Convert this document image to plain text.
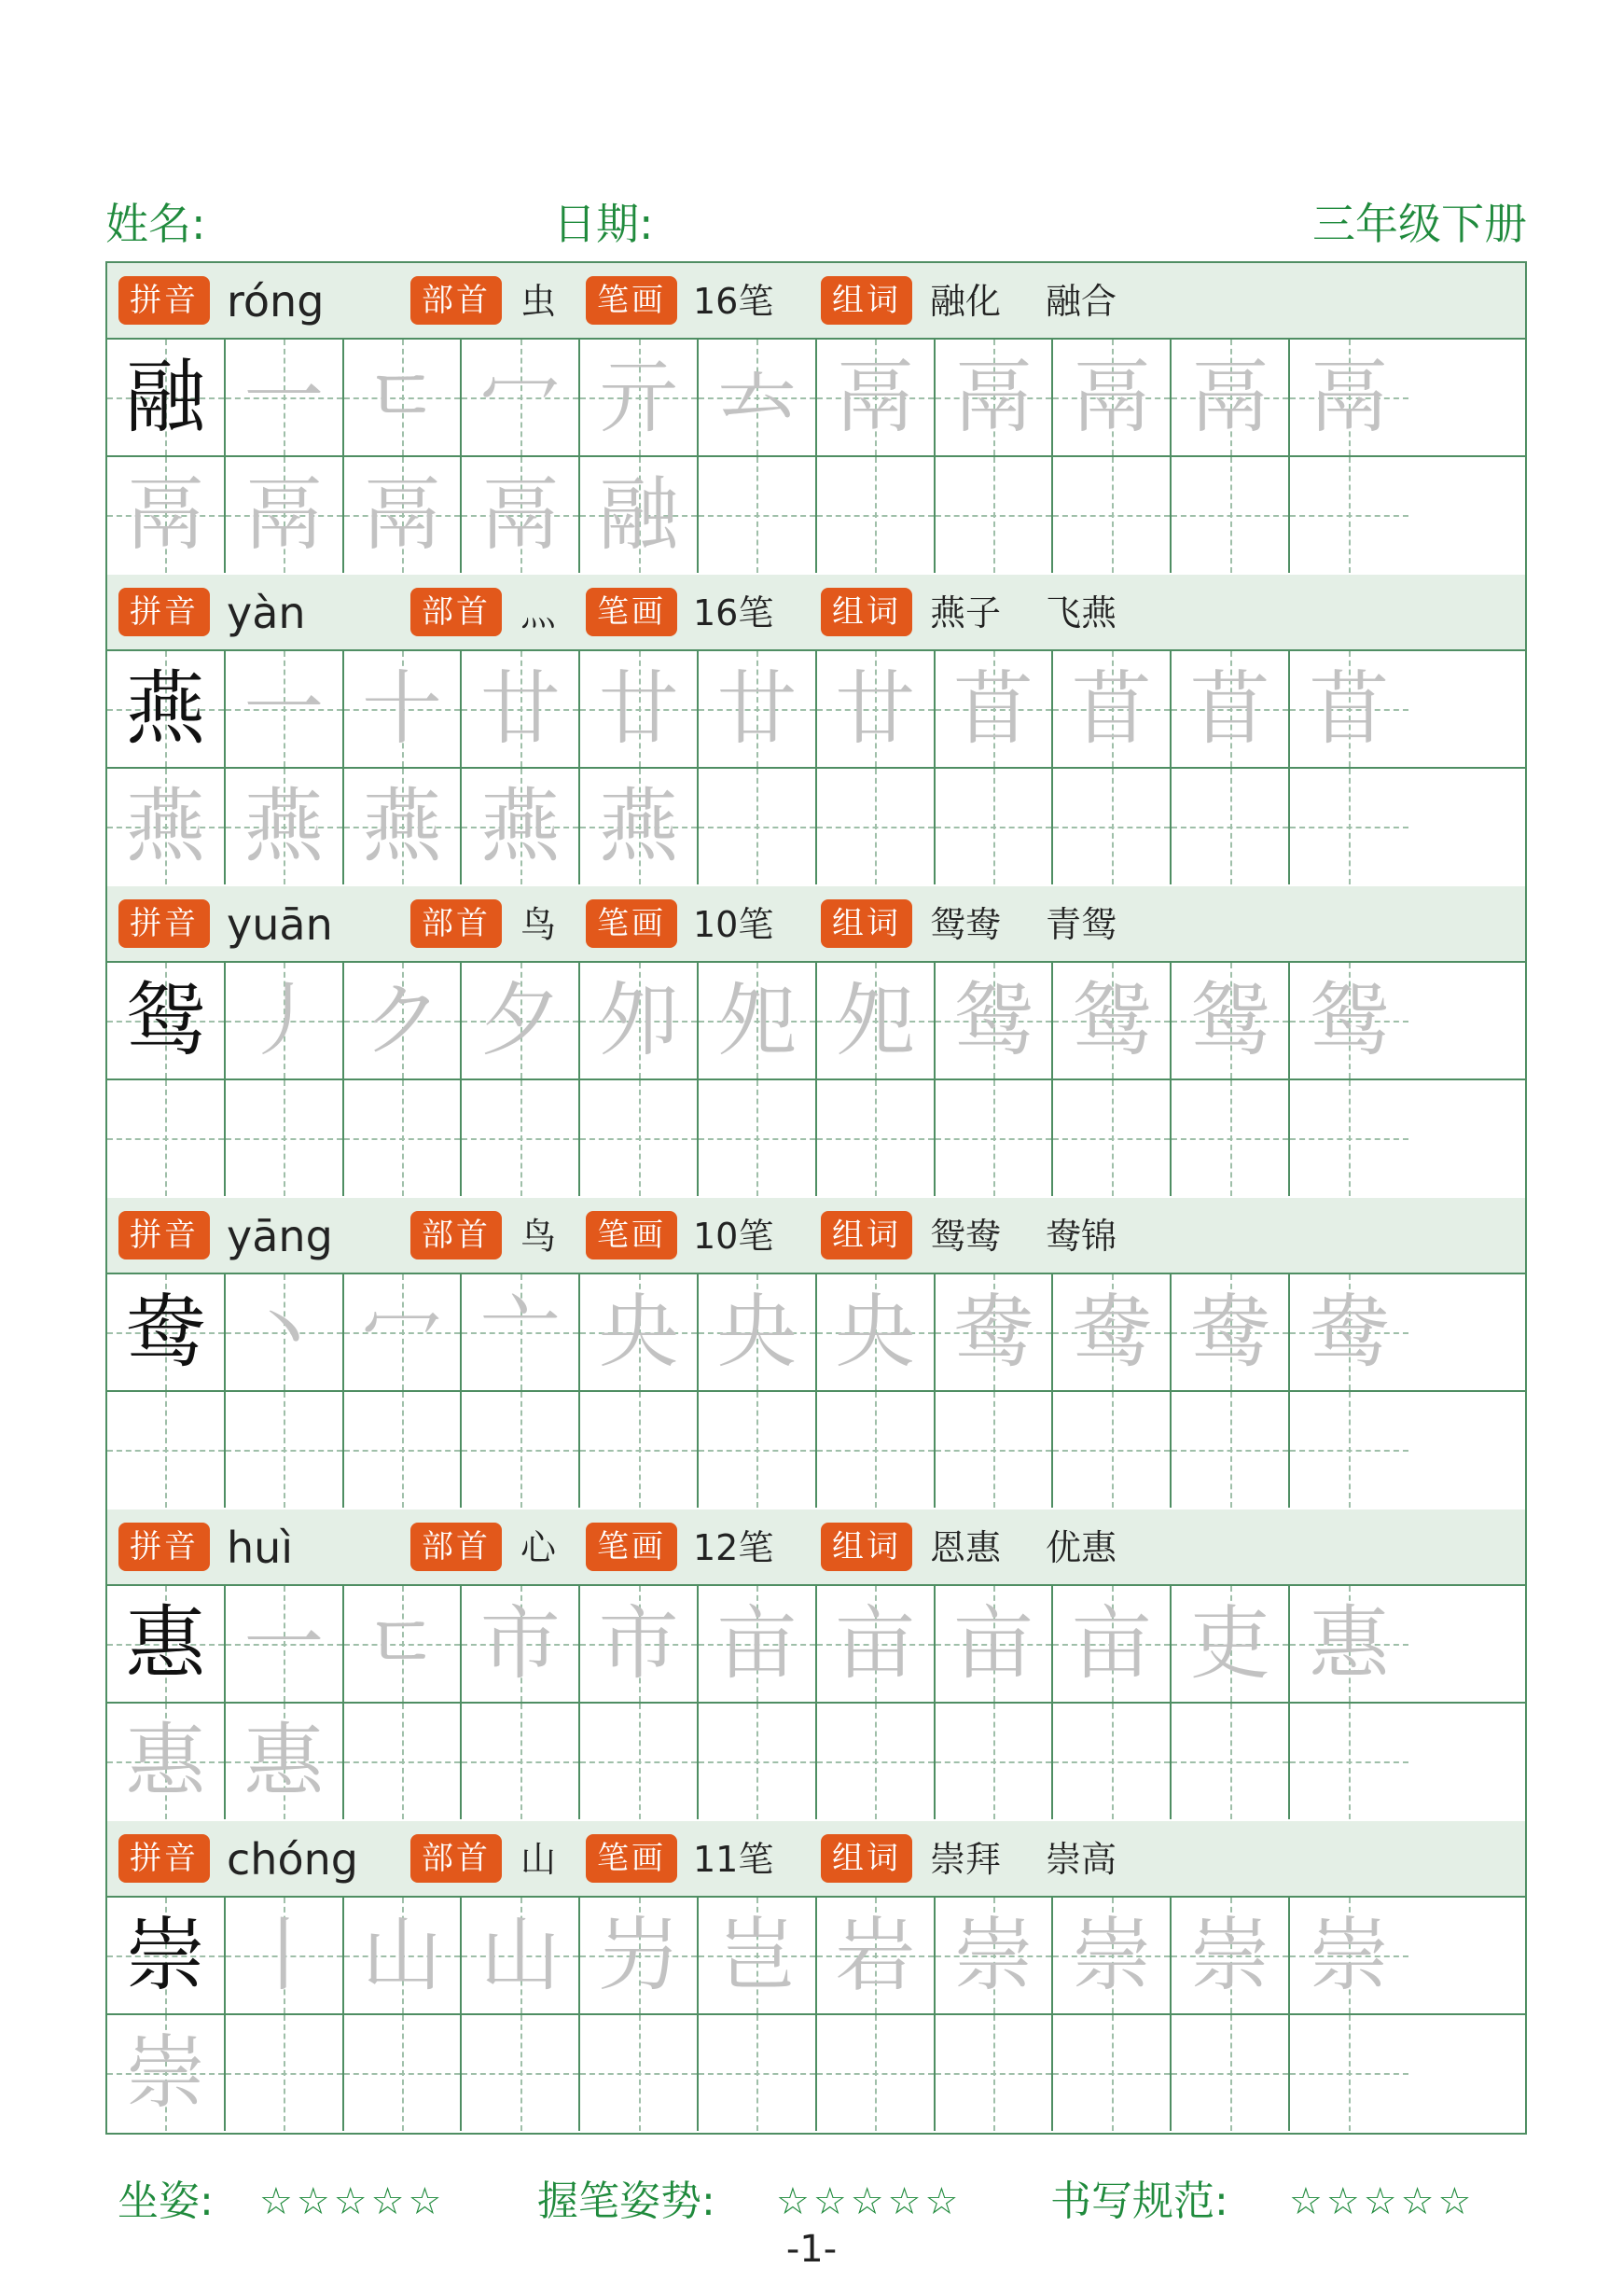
姓名:	日期:	三年级下册
拼音 róng	部首 虫	笔画 16笔	组词 融化 融合
融 一 ㄷ 冖 亓 𠫓 鬲 鬲 鬲 鬲 鬲
鬲 鬲 鬲 鬲 融
拼音 yàn	部首 灬	笔画 16笔	组词 燕子 飞燕
燕 一 十 廿 廿 廿 廿 苜 苜 苜 苜
燕 燕 燕 燕 燕
拼音 yuān	部首 鸟	笔画 10笔	组词 鸳鸯 青鸳
鸳 丿 ク 夕 夘 夗 夗 鸳 鸳 鸳 鸳
拼音 yāng	部首 鸟	笔画 10笔	组词 鸳鸯 鸯锦
鸯 丶 冖 亠 央 央 央 鸯 鸯 鸯 鸯
拼音 huì	部首 心	笔画 12笔	组词 恩惠 优惠
惠 一 ㄷ 市 市 亩 亩 亩 亩 吏 惠
惠 惠
拼音 chóng	部首 山	笔画 11笔	组词 崇拜 崇高
崇 丨 山 山 屶 岂 岩 崇 崇 崇 崇
崇
坐姿: ☆☆☆☆☆ 握笔姿势: ☆☆☆☆☆ 书写规范: ☆☆☆☆☆
-1-
